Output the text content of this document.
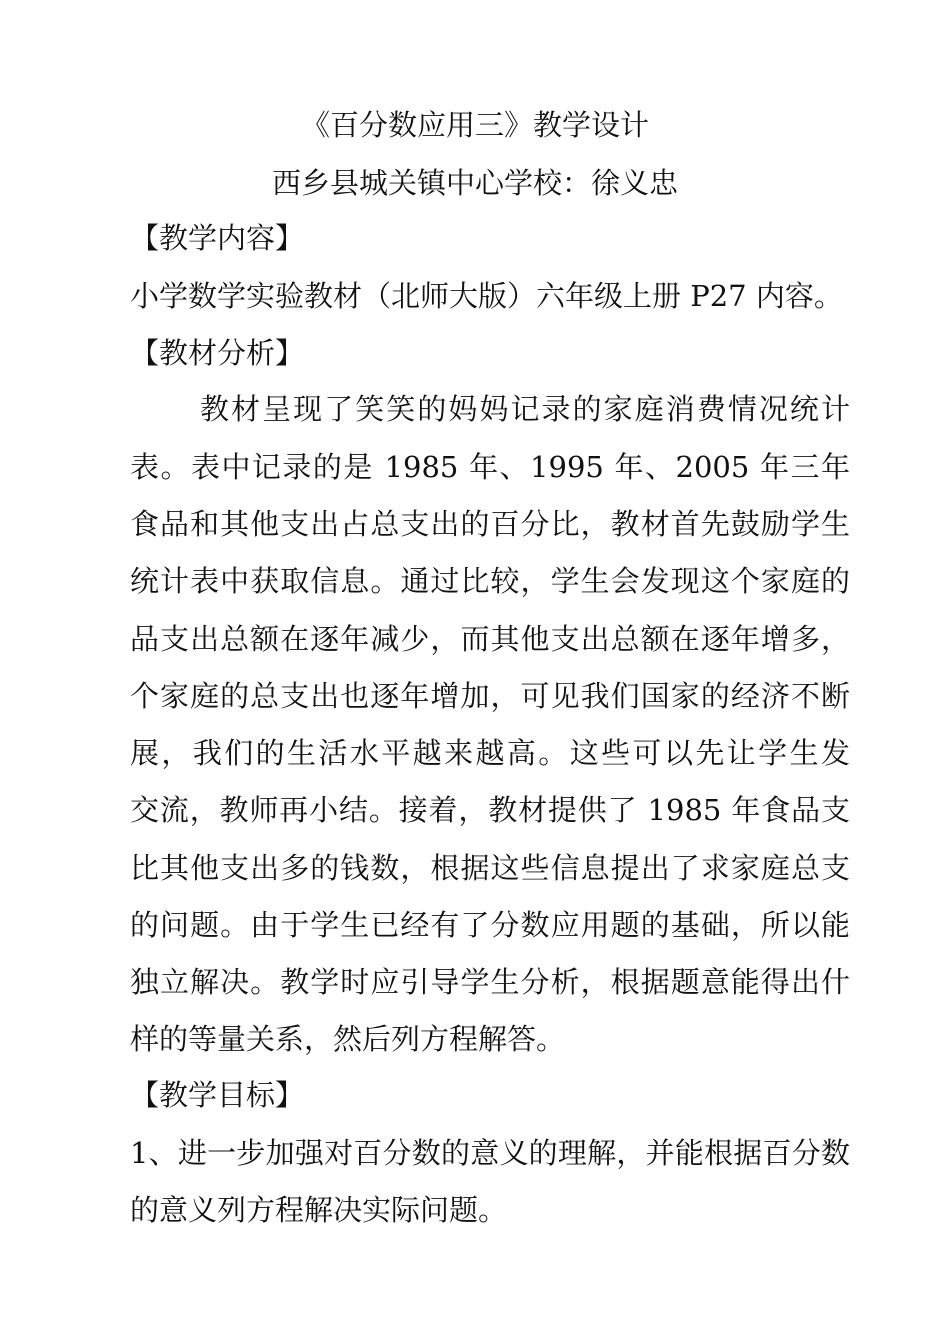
《百分数应用三》教学设计
西乡县城关镇中心学校：徐义忠
【教学内容】
小学数学实验教材（北师大版）六年级上册 P27 内容。
【教材分析】
教材呈现了笑笑的妈妈记录的家庭消费情况统计
表。表中记录的是 1985 年、1995 年、2005 年三年
食品和其他支出占总支出的百分比，教材首先鼓励学生
统计表中获取信息。通过比较，学生会发现这个家庭的
品支出总额在逐年减少，而其他支出总额在逐年增多，
个家庭的总支出也逐年增加，可见我们国家的经济不断
展，我们的生活水平越来越高。这些可以先让学生发
交流，教师再小结。接着，教材提供了 1985 年食品支
比其他支出多的钱数，根据这些信息提出了求家庭总支
的问题。由于学生已经有了分数应用题的基础，所以能
独立解决。教学时应引导学生分析，根据题意能得出什
样的等量关系，然后列方程解答。
【教学目标】
1、进一步加强对百分数的意义的理解，并能根据百分数
的意义列方程解决实际问题。
